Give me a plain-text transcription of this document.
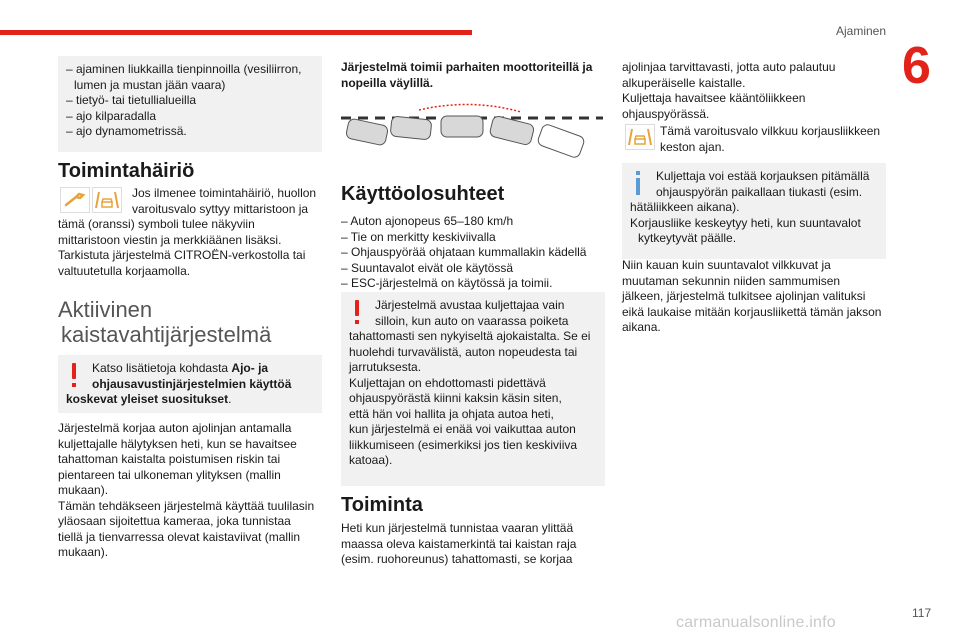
Ajaminen
6
– ajaminen liukkailla tienpinnoilla (vesiliirron,
lumen ja mustan jään vaara)
– tietyö- tai tietullialueilla
– ajo kilparadalla
– ajo dynamometrissä.
Toimintahäiriö
Jos ilmenee toimintahäiriö, huollon
varoitusvalo syttyy mittaristoon ja
tämä (oranssi) symboli tulee näkyviin
mittaristoon viestin ja merkkiäänen lisäksi.
Tarkistuta järjestelmä CITROËN-verkostolla tai
valtuutetulla korjaamolla.
Aktiivinen
kaistavahtijärjestelmä
Katso lisätietoja kohdasta Ajo- ja
ohjausavustinjärjestelmien käyttöä
koskevat yleiset suositukset.
Järjestelmä korjaa auton ajolinjan antamalla
kuljettajalle hälytyksen heti, kun se havaitsee
tahattoman kaistalta poistumisen riskin tai
pientareen tai ulkoneman ylityksen (mallin
mukaan).
Tämän tehdäkseen järjestelmä käyttää tuulilasin
yläosaan sijoitettua kameraa, joka tunnistaa
tiellä ja tienvarressa olevat kaistaviivat (mallin
mukaan).
Järjestelmä toimii parhaiten moottoriteillä ja
nopeilla väylillä.
Käyttöolosuhteet
– Auton ajonopeus 65–180 km/h
– Tie on merkitty keskiviivalla
– Ohjauspyörää ohjataan kummallakin kädellä
– Suuntavalot eivät ole käytössä
– ESC-järjestelmä on käytössä ja toimii.
Järjestelmä avustaa kuljettajaa vain
silloin, kun auto on vaarassa poiketa
tahattomasti sen nykyiseltä ajokaistalta. Se ei
huolehdi turvavälistä, auton nopeudesta tai
jarrutuksesta.
Kuljettajan on ehdottomasti pidettävä
ohjauspyörästä kiinni kaksin käsin siten,
että hän voi hallita ja ohjata autoa heti,
kun järjestelmä ei enää voi vaikuttaa auton
liikkumiseen (esimerkiksi jos tien keskiviiva
katoaa).
Toiminta
Heti kun järjestelmä tunnistaa vaaran ylittää
maassa oleva kaistamerkintä tai kaistan raja
(esim. ruohoreunus) tahattomasti, se korjaa
ajolinjaa tarvittavasti, jotta auto palautuu
alkuperäiselle kaistalle.
Kuljettaja havaitsee kääntöliikkeen
ohjauspyörässä.
Tämä varoitusvalo vilkkuu korjausliikkeen
keston ajan.
Kuljettaja voi estää korjauksen pitämällä
ohjauspyörän paikallaan tiukasti (esim.
hätäliikkeen aikana).
Korjausliike keskeytyy heti, kun suuntavalot
kytkeytyvät päälle.
Niin kauan kuin suuntavalot vilkkuvat ja
muutaman sekunnin niiden sammumisen
jälkeen, järjestelmä tulkitsee ajolinjan valituksi
eikä laukaise mitään korjausliikettä tämän jakson
aikana.
carmanualsonline.info
117
